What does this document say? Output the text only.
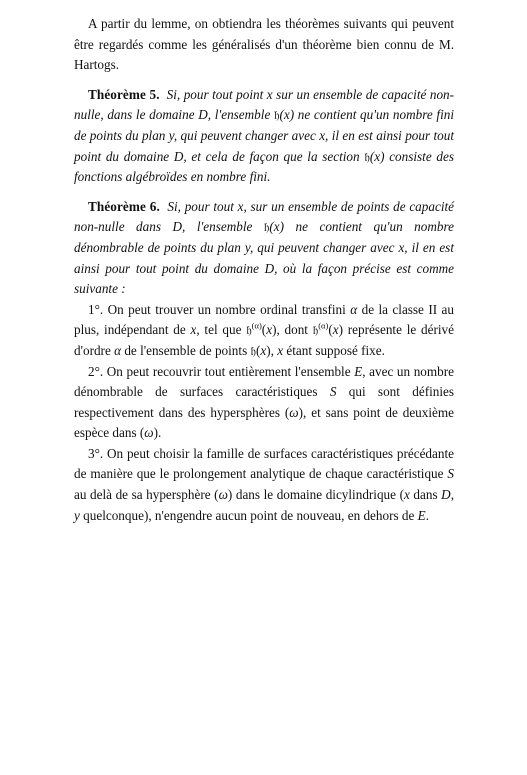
A partir du lemme, on obtiendra les théorèmes suivants qui peuvent être regardés comme les généralisés d'un théorème bien connu de M. Hartogs.

Théorème 5. Si, pour tout point x sur un ensemble de capacité non-nulle, dans le domaine D, l'ensemble 𝔥(x) ne contient qu'un nombre fini de points du plan y, qui peuvent changer avec x, il en est ainsi pour tout point du domaine D, et cela de façon que la section 𝔥(x) consiste des fonctions algébroïdes en nombre fini.

Théorème 6. Si, pour tout x, sur un ensemble de points de capacité non-nulle dans D, l'ensemble 𝔥(x) ne contient qu'un nombre dénombrable de points du plan y, qui peuvent changer avec x, il en est ainsi pour tout point du domaine D, où la façon précise est comme suivante :

1°. On peut trouver un nombre ordinal transfini α de la classe II au plus, indépendant de x, tel que 𝔥$^{(\alpha)}$(x), dont 𝔥$^{(\alpha)}$(x) représente le dérivé d'ordre α de l'ensemble de points 𝔥(x), x étant supposé fixe.

2°. On peut recouvrir tout entièrement l'ensemble E, avec un nombre dénombrable de surfaces caractéristiques S qui sont définies respectivement dans des hypersphères (ω), et sans point de deuxième espèce dans (ω).

3°. On peut choisir la famille de surfaces caractéristiques précédante de manière que le prolongement analytique de chaque caractéristique S au delà de sa hypersphère (ω) dans le domaine dicylindrique (x dans D, y quelconque), n'engendre aucun point de nouveau, en dehors de E.
